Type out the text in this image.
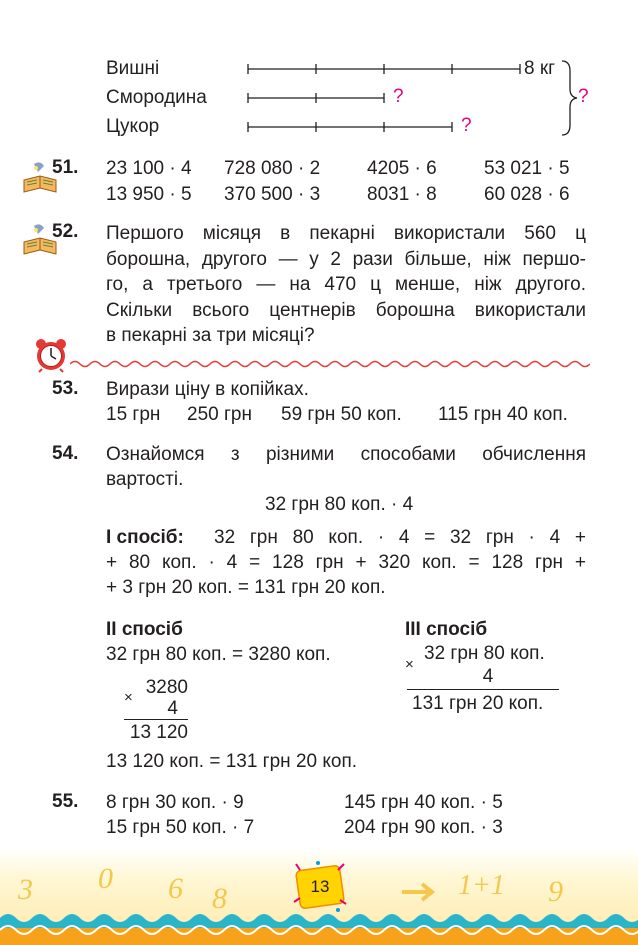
Вишні
Смородина
Цукор
8 кг
?
?
?
51. 23 100 · 4 728 080 · 2 4205 · 6 53 021 · 5
13 950 · 5 370 500 · 3 8031 · 8 60 028 · 6
52. Першого місяця в пекарні використали 560 ц
борошна, другого — у 2 рази більше, ніж першо-
го, а третього — на 470 ц менше, ніж другого.
Скільки всього центнерів борошна використали
в пекарні за три місяці?
53. Вирази ціну в копійках.
15 грн 250 грн 59 грн 50 коп. 115 грн 40 коп.
54. Ознайомся з різними способами обчислення
вартості.
32 грн 80 коп. · 4
I спосіб: 32 грн 80 коп. · 4 = 32 грн · 4 +
+ 80 коп. · 4 = 128 грн + 320 коп. = 128 грн +
+ 3 грн 20 коп. = 131 грн 20 коп.
II спосіб
32 грн 80 коп. = 3280 коп.
× 3280
4
13 120
13 120 коп. = 131 грн 20 коп.
III спосіб
×
32 грн 80 коп.
4
131 грн 20 коп.
55. 8 грн 30 коп. · 9
15 грн 50 коп. · 7
145 грн 40 коп. · 5
204 грн 90 коп. · 3
3 0 6 8	1+1 9
13
